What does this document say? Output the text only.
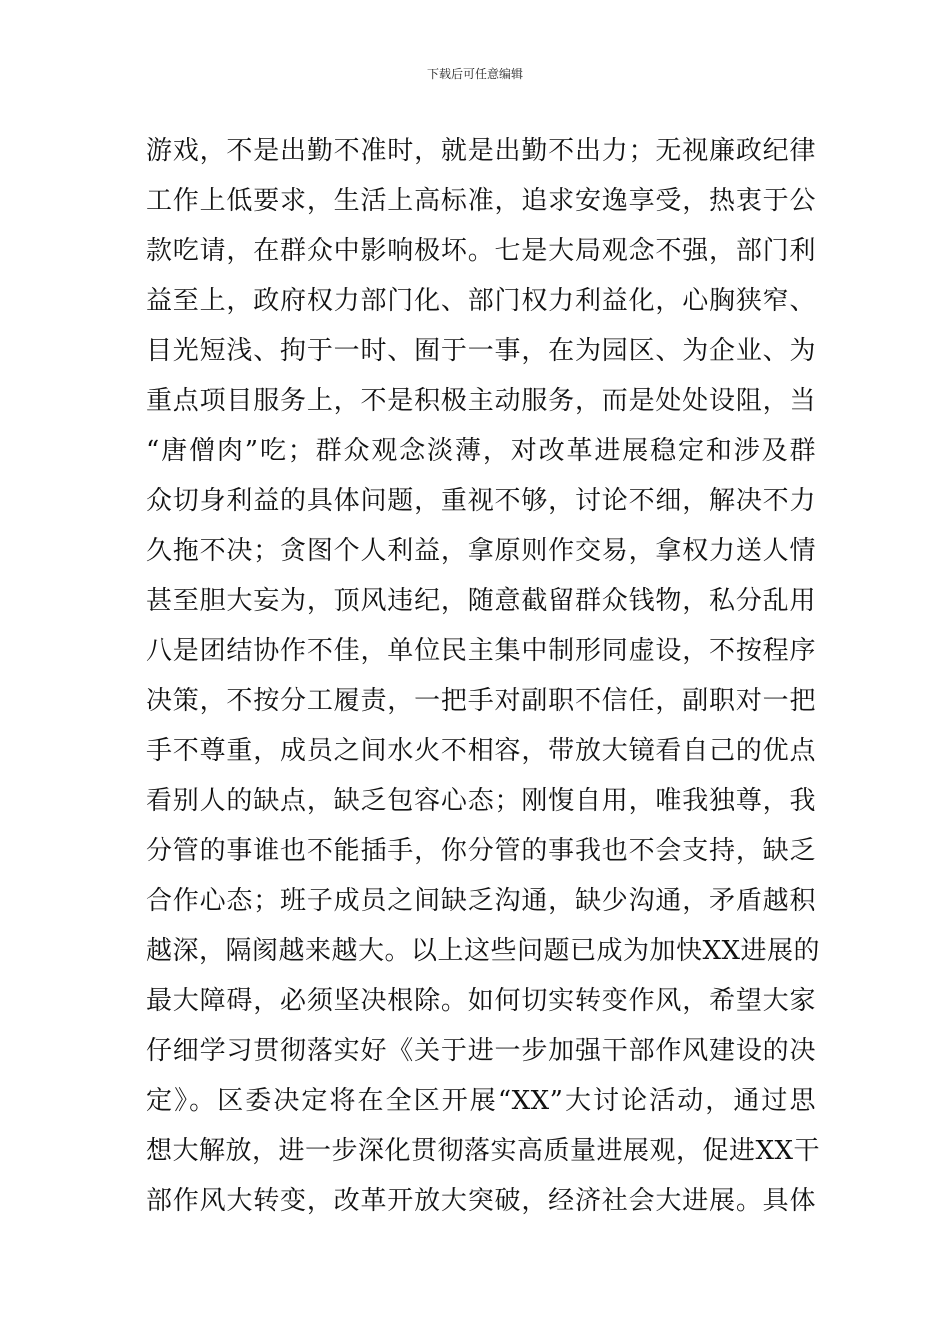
下载后可任意编辑
游戏，不是出勤不准时，就是出勤不出力；无视廉政纪律
工作上低要求，生活上高标准，追求安逸享受，热衷于公
款吃请，在群众中影响极坏。七是大局观念不强，部门利
益至上，政府权力部门化、部门权力利益化，心胸狭窄、
目光短浅、拘于一时、囿于一事，在为园区、为企业、为
重点项目服务上，不是积极主动服务，而是处处设阻，当
“唐僧肉”吃；群众观念淡薄，对改革进展稳定和涉及群
众切身利益的具体问题，重视不够，讨论不细，解决不力
久拖不决；贪图个人利益，拿原则作交易，拿权力送人情
甚至胆大妄为，顶风违纪，随意截留群众钱物，私分乱用
八是团结协作不佳，单位民主集中制形同虚设，不按程序
决策，不按分工履责，一把手对副职不信任，副职对一把
手不尊重，成员之间水火不相容，带放大镜看自己的优点
看别人的缺点，缺乏包容心态；刚愎自用，唯我独尊，我
分管的事谁也不能插手，你分管的事我也不会支持，缺乏
合作心态；班子成员之间缺乏沟通，缺少沟通，矛盾越积
越深，隔阂越来越大。以上这些问题已成为加快XX进展的
最大障碍，必须坚决根除。如何切实转变作风，希望大家
仔细学习贯彻落实好《关于进一步加强干部作风建设的决
定》。区委决定将在全区开展“XX”大讨论活动，通过思
想大解放，进一步深化贯彻落实高质量进展观，促进XX干
部作风大转变，改革开放大突破，经济社会大进展。具体
